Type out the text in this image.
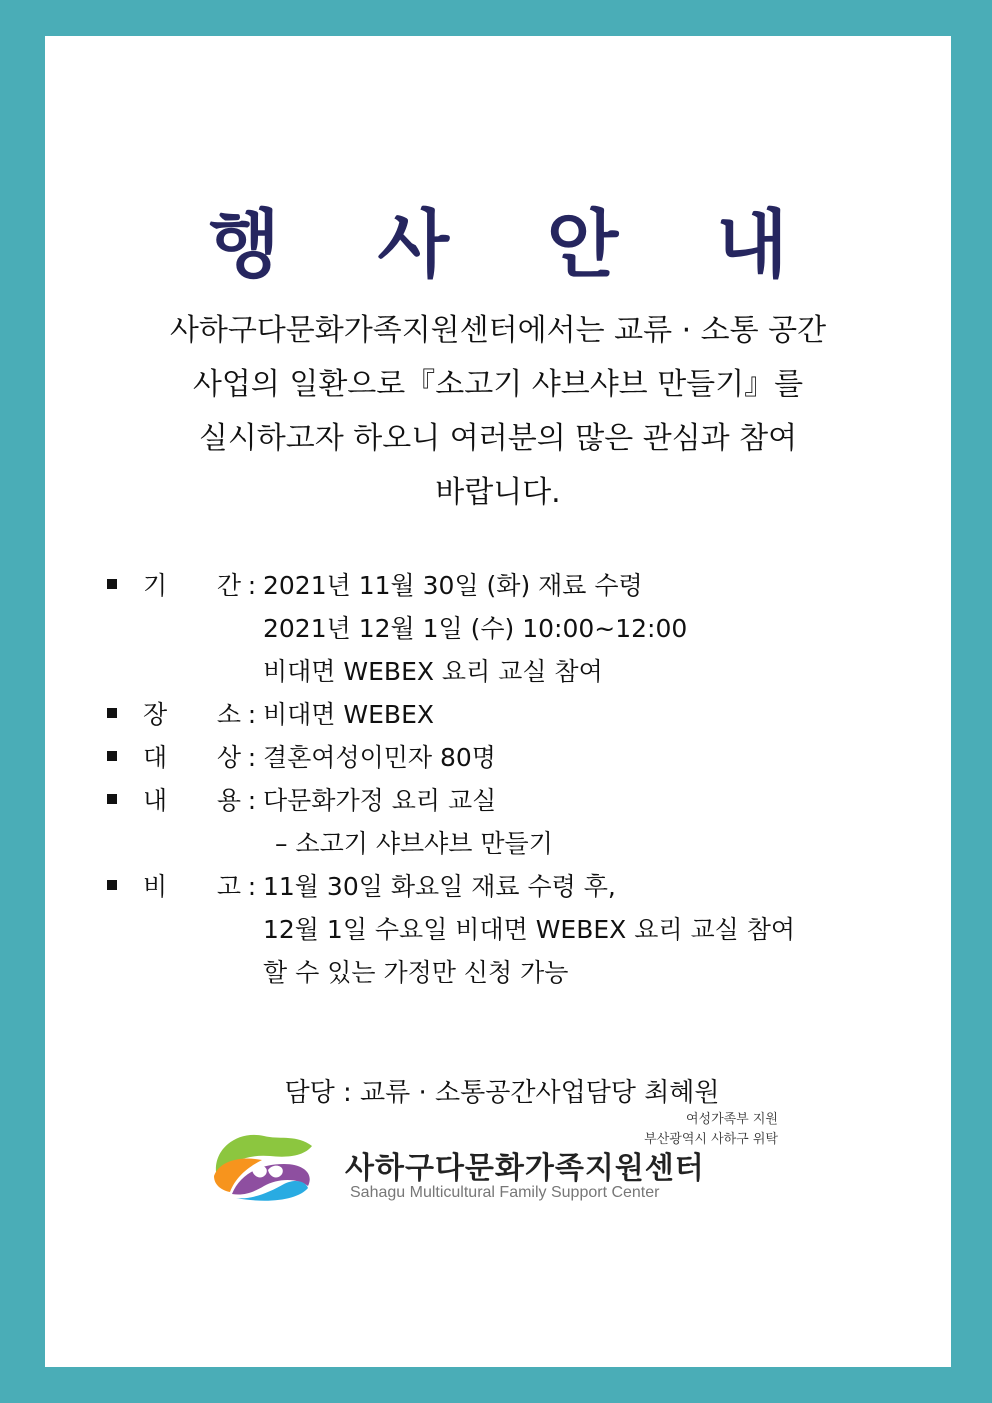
행 사 안 내
사하구다문화가족지원센터에서는 교류 · 소통 공간
사업의 일환으로『소고기 샤브샤브 만들기』를
실시하고자 하오니 여러분의 많은 관심과 참여
바랍니다.
기 간 : 2021년 11월 30일 (화) 재료 수령
2021년 12월 1일 (수) 10:00~12:00
비대면 WEBEX 요리 교실 참여
장 소 : 비대면 WEBEX
대 상 : 결혼여성이민자 80명
내 용 : 다문화가정 요리 교실
– 소고기 샤브샤브 만들기
비 고 : 11월 30일 화요일 재료 수령 후,
12월 1일 수요일 비대면 WEBEX 요리 교실 참여
할 수 있는 가정만 신청 가능
담당 : 교류 · 소통공간사업담당 최혜원
여성가족부 지원
부산광역시 사하구 위탁
사하구다문화가족지원센터
Sahagu Multicultural Family Support Center
